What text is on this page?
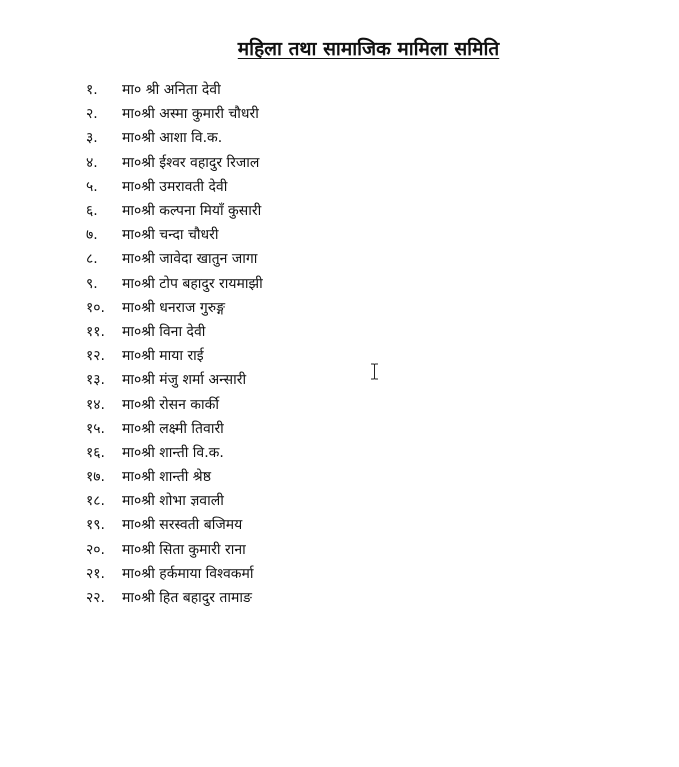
महिला तथा सामाजिक मामिला समिति
१.	मा० श्री अनिता देवी
२.	मा०श्री अस्मा कुमारी चौधरी
३.	मा०श्री आशा वि.क.
४.	मा०श्री ईश्वर वहादुर रिजाल
५.	मा०श्री उमरावती देवी
६.	मा०श्री कल्पना मियाँ कुसारी
७.	मा०श्री चन्दा चौधरी
८.	मा०श्री जावेदा खातुन जागा
९.	मा०श्री टोप बहादुर रायमाझी
१०.	मा०श्री धनराज गुरुङ्ग
११.	मा०श्री विना देवी
१२.	मा०श्री माया राई
१३.	मा०श्री मंजु शर्मा अन्सारी
१४.	मा०श्री रोसन कार्की
१५.	मा०श्री लक्ष्मी तिवारी
१६.	मा०श्री शान्ती वि.क.
१७.	मा०श्री शान्ती श्रेष्ठ
१८.	मा०श्री शोभा ज्ञवाली
१९.	मा०श्री सरस्वती बजिमय
२०.	मा०श्री सिता कुमारी राना
२१.	मा०श्री हर्कमाया विश्वकर्मा
२२.	मा०श्री हित बहादुर तामाङ
